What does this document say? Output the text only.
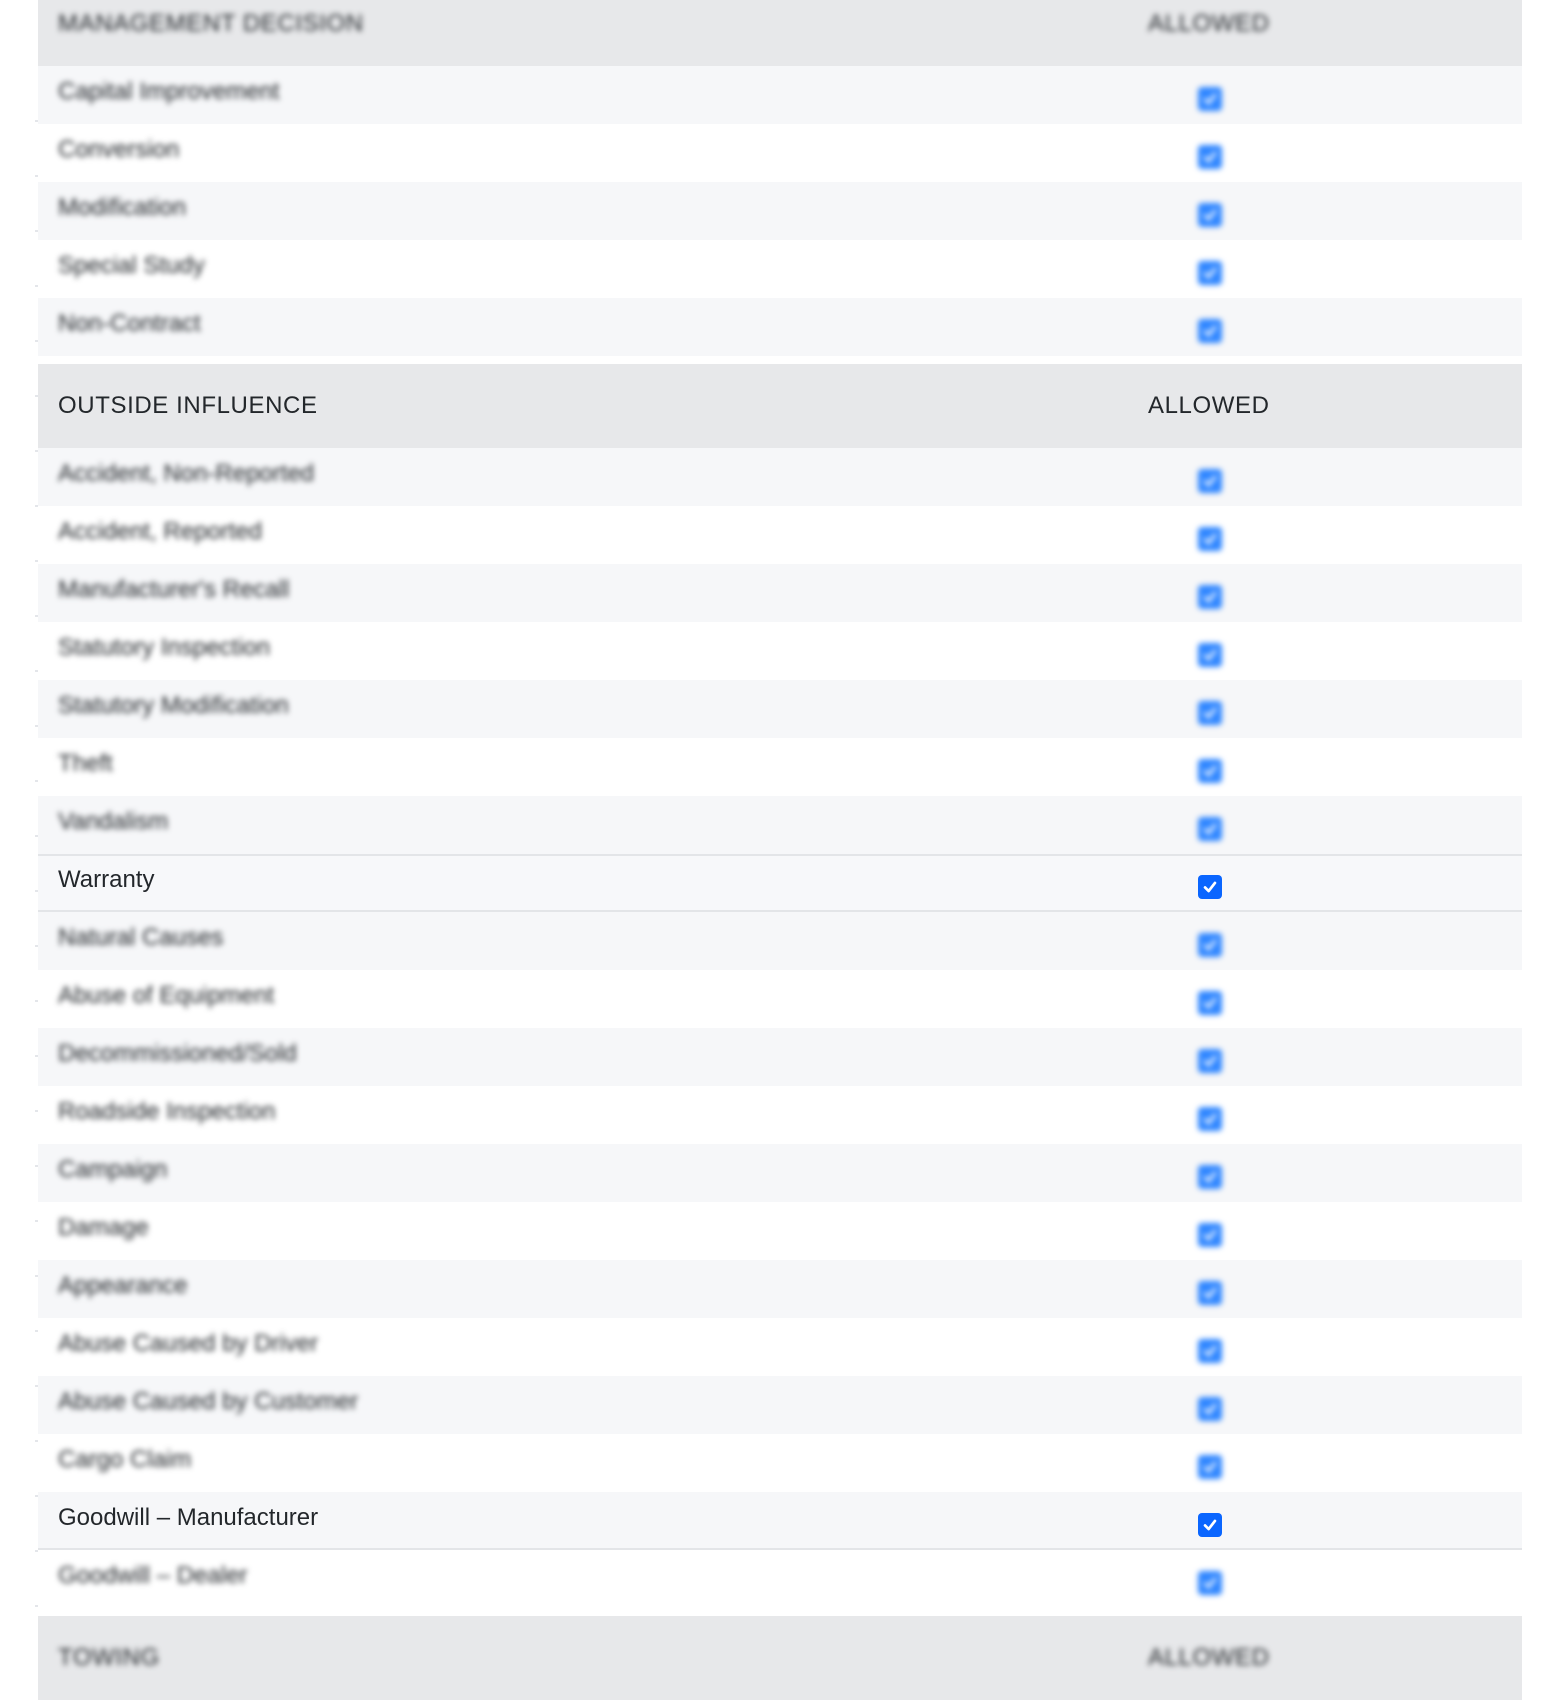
MANAGEMENT DECISION	ALLOWED
Capital Improvement
Conversion
Modification
Special Study
Non-Contract
OUTSIDE INFLUENCE	ALLOWED
Accident, Non-Reported
Accident, Reported
Manufacturer's Recall
Statutory Inspection
Statutory Modification
Theft
Vandalism
Warranty
Natural Causes
Abuse of Equipment
Decommissioned/Sold
Roadside Inspection
Campaign
Damage
Appearance
Abuse Caused by Driver
Abuse Caused by Customer
Cargo Claim
Goodwill – Manufacturer
Goodwill – Dealer
TOWING	ALLOWED
